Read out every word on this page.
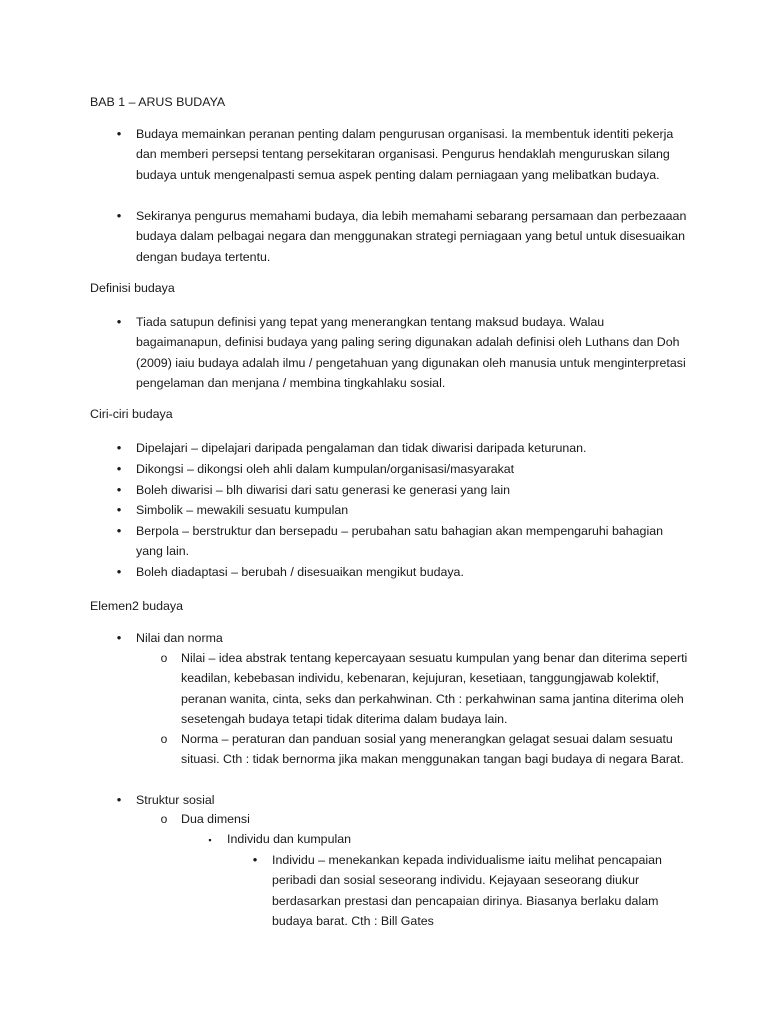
BAB 1 – ARUS BUDAYA
•	Budaya memainkan peranan penting dalam pengurusan organisasi. Ia membentuk identiti pekerja dan memberi persepsi tentang persekitaran organisasi. Pengurus hendaklah menguruskan silang budaya untuk mengenalpasti semua aspek penting dalam perniagaan yang melibatkan budaya.
•	Sekiranya pengurus memahami budaya, dia lebih memahami sebarang persamaan dan perbezaaan budaya dalam pelbagai negara dan menggunakan strategi perniagaan yang betul untuk disesuaikan dengan budaya tertentu.
Definisi budaya
•	Tiada satupun definisi yang tepat yang menerangkan tentang maksud budaya. Walau bagaimanapun, definisi budaya yang paling sering digunakan adalah definisi oleh Luthans dan Doh (2009) iaiu budaya adalah ilmu / pengetahuan yang digunakan oleh manusia untuk menginterpretasi pengelaman dan menjana / membina tingkahlaku sosial.
Ciri-ciri budaya
•	Dipelajari – dipelajari daripada pengalaman dan tidak diwarisi daripada keturunan.
•	Dikongsi – dikongsi oleh ahli dalam kumpulan/organisasi/masyarakat
•	Boleh diwarisi – blh diwarisi dari satu generasi ke generasi yang lain
•	Simbolik – mewakili sesuatu kumpulan
•	Berpola – berstruktur dan bersepadu – perubahan satu bahagian akan mempengaruhi bahagian yang lain.
•	Boleh diadaptasi – berubah / disesuaikan mengikut budaya.
Elemen2 budaya
•	Nilai dan norma
o	Nilai – idea abstrak tentang kepercayaan sesuatu kumpulan yang benar dan diterima seperti keadilan, kebebasan individu, kebenaran, kejujuran, kesetiaan, tanggungjawab kolektif, peranan wanita, cinta, seks dan perkahwinan. Cth : perkahwinan sama jantina diterima oleh sesetengah budaya tetapi tidak diterima dalam budaya lain.
o	Norma – peraturan dan panduan sosial yang menerangkan gelagat sesuai dalam sesuatu situasi. Cth : tidak bernorma jika makan menggunakan tangan bagi budaya di negara Barat.
•	Struktur sosial
o	Dua dimensi
▪	Individu dan kumpulan
•	Individu – menekankan kepada individualisme iaitu melihat pencapaian peribadi dan sosial seseorang individu. Kejayaan seseorang diukur berdasarkan prestasi dan pencapaian dirinya. Biasanya berlaku dalam budaya barat. Cth : Bill Gates
